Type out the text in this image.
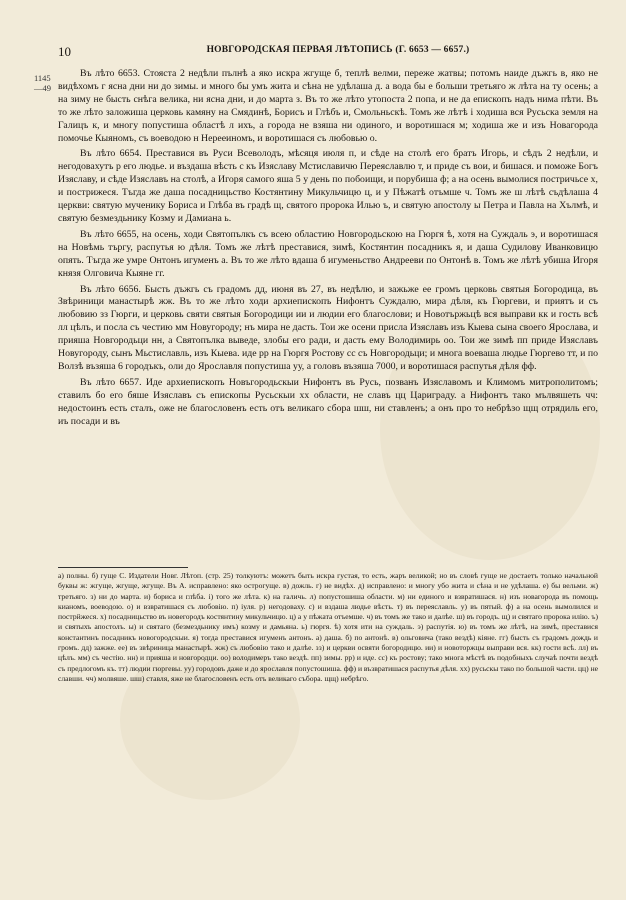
10	НОВГОРОДСКАЯ ПЕРВАЯ ЛѢТОПИСЬ (Г. 6653 — 6657.)
1145
—49

Въ лѣто 6653. Стояста 2 недѣли пълнѣ а яко искра жгуще б, теплѣ велми, переже жатвы; потомъ наиде дъжгь в, яко не видѣхомъ г ясна дни ни до зимы. и много бы умъ жита и сѣна не удѣлаша д. а вода бы е больши третьяго ж лѣта на ту осень; а на зиму не бысть снѣга велика, ни ясна дни, и до марта з. Въ то же лѣто утопоста 2 попа, и не да епископъ надъ нима пѣти. Въ то же лѣто заложиша церковь камяну на Смядинѣ, Борисъ и Глѣбъ и, Смольньскѣ. Томъ же лѣтѣ і ходиша вся Русьска земля на Галицъ к, и многу попустиша областѣ л ихъ, а города не взяша ни одиного, и воротишася м; ходиша же и изъ Новагорода помочье Кыяномъ, съ воеводою н Нерееиномъ, и воротишася съ любовью о.

Въ лѣто 6654. Преставися въ Руси Всеволодъ, мѣсяця июля п, и сѣде на столѣ его братъ Игорь, и сѣдъ 2 недѣли, и негодовахутъ р его людье. и въздаша вѣсть с къ Изяславу Мстиславичю Переяславлю т, и приде съ вои, и бишася. и поможе Богъ Изяславу, и сѣде Изяславъ на столѣ, а Игоря самого яша 5 у день по побоищи, и порубиша ф; а на осень вымолися постричьсе х, и пострижеся. Тъгда же даша посадницьство Костянтину Микульчицю ц, и у Пѣжатѣ отъмше ч. Томъ же ш лѣтѣ съдѣлаша 4 церкви: святую мученику Бориса и Глѣба въ градѣ щ, святого пророка Илью ъ, и святую апостолу ы Петра и Павла на Хълмѣ, и святую безмездьнику Козму и Дамиана ь.

Въ лѣто 6655, на осень, ходи Святопълкъ съ всею областию Новгородьскою на Гюргя ѣ, хотя на Суждаль э, и воротишася на Новѣмь търгу, распутья ю дѣля. Томъ же лѣтѣ преставися, зимѣ, Костянтин посадникъ я, и даша Судилову Иванковицю опять. Тъгда же умре Онтонъ игуменъ а. Въ то же лѣто вдаша б игуменьство Андрееви по Онтонѣ в. Томъ же лѣтѣ убиша Игоря князя Олговича Кыяне гг.

Въ лѣто 6656. Бысть дъжгь съ градомъ дд, июня въ 27, въ недѣлю, и зажьже ее громъ церковь святыя Богородица, въ Звѣриници манастырѣ жж. Въ то же лѣто ходи архиепископъ Нифонтъ Суждалю, мира дѣля, къ Гюргеви, и приятъ и съ любовию зз Гюрги, и церковь святи святыя Богородици ии и людии его благослови; и Новотържьцѣ вся выправи кк и гость всѣ лл цѣлъ, и посла съ честию мм Новугороду; нъ мира не дасть. Тои же осени присла Изяславъ изъ Кыева сына своего Ярослава, и прияша Новгородьци нн, а Святопълка выведе, злобы его ради, и дасть ему Володимирь оо. Тои же зимѣ пп приде Изяславъ Новугороду, сынъ Мьстиславль, изъ Кыева. иде рр на Гюргя Ростову сс съ Новгородьци; и многа воеваша людье Гюргево тт, и по Волзѣ възяша 6 городъкъ, оли до Ярославля попустиша уу, а головъ възяша 7000, и воротишася распутья дѣля фф.

Въ лѣто 6657. Иде архиепископъ Новъгородьскыи Нифонтъ въ Русь, позванъ Изяславомъ и Климомъ митрополитомъ; ставилъ бо его бяше Изяславъ съ епископы Русьскыи хх области, не славъ цц Цариграду. а Нифонтъ тако мълвяшеть чч: недостоинъ есть сталъ, оже не благословенъ есть отъ великаго сбора шш, ни ставленъ; а онъ про то небрѣзо щщ отрядиль его, иъ посади и въ

а) полны. б) гуще С. Издатели Новг. Лѣтоп. (стр. 25) толкуютъ: можетъ быть искра густая, то есть, жаръ великой; но въ словѣ гуще не достаетъ только начальной буквы ж: жгуще, жгуще, жгуще. Въ А. исправлено: яко острогуще. в) дожль. г) не видѣх. д) исправлено: и многу убо жита и сѣна и не удѣлаша. е) бы вельми. ж) третьяго. з) ни до марта. и) бориса и глѣба. і) того же лѣта. к) на галичь. л) попустошиша области. м) ни единого и взвратишася. н) изъ новагорода въ помощь кианомъ, воеводою. о) и взвратишася съ любовію. п) іуля. р) негодоваху. с) и вздаша людье вѣсть. т) въ переяславль. у) въ пятый. ф) а на осень вымолился и пострйжеся. х) посадницьство въ новегородъ костянтину микульчицю. ц) а у пѣжата отъемше. ч) въ томъ же тако и далѣе. ш) въ городъ. щ) и святаго пророка илію. ъ) и святыхъ апостолъ. ы) и святаго (безмездьнику имъ) козму и дамьяна. ь) гюргя. ѣ) хотя ити на суждаль. э) распутія. ю) въ томъ же лѣтѣ, на зимѣ, преставися константинъ посадникъ новогородскыи. я) тогда преставися игуменъ антонъ. а) даша. б) по антонѣ. в) ольговича (тако вездѣ) кіяне. гг) бысть съ градомъ дождь и громъ. дд) зажже. ее) въ звѣриница манастырѣ. жж) съ любовію тако и далѣе. зз) и церкви освяти богородицю. ии) и новоторжцы выправи вся. кк) гости всѣ. лл) въ цѣлъ. мм) съ честію. нн) и прияша и новгородци. оо) володимеръ тако вездѣ. пп) зимы. рр) и иде. сс) къ ростову; тако многа мѣстѣ въ подобныхъ случаѣ почти вездѣ съ предлогомъ къ. тт) людии гюргевы. уу) городовъ даже и до ярославля попустошиша. фф) и възвратишася распутья дѣля. хх) русьскы тако по большой части. цц) не славши. чч) молвяше. шш) ставля, яже не благословенъ есть отъ великаго събора. щщ) небрѣго.
